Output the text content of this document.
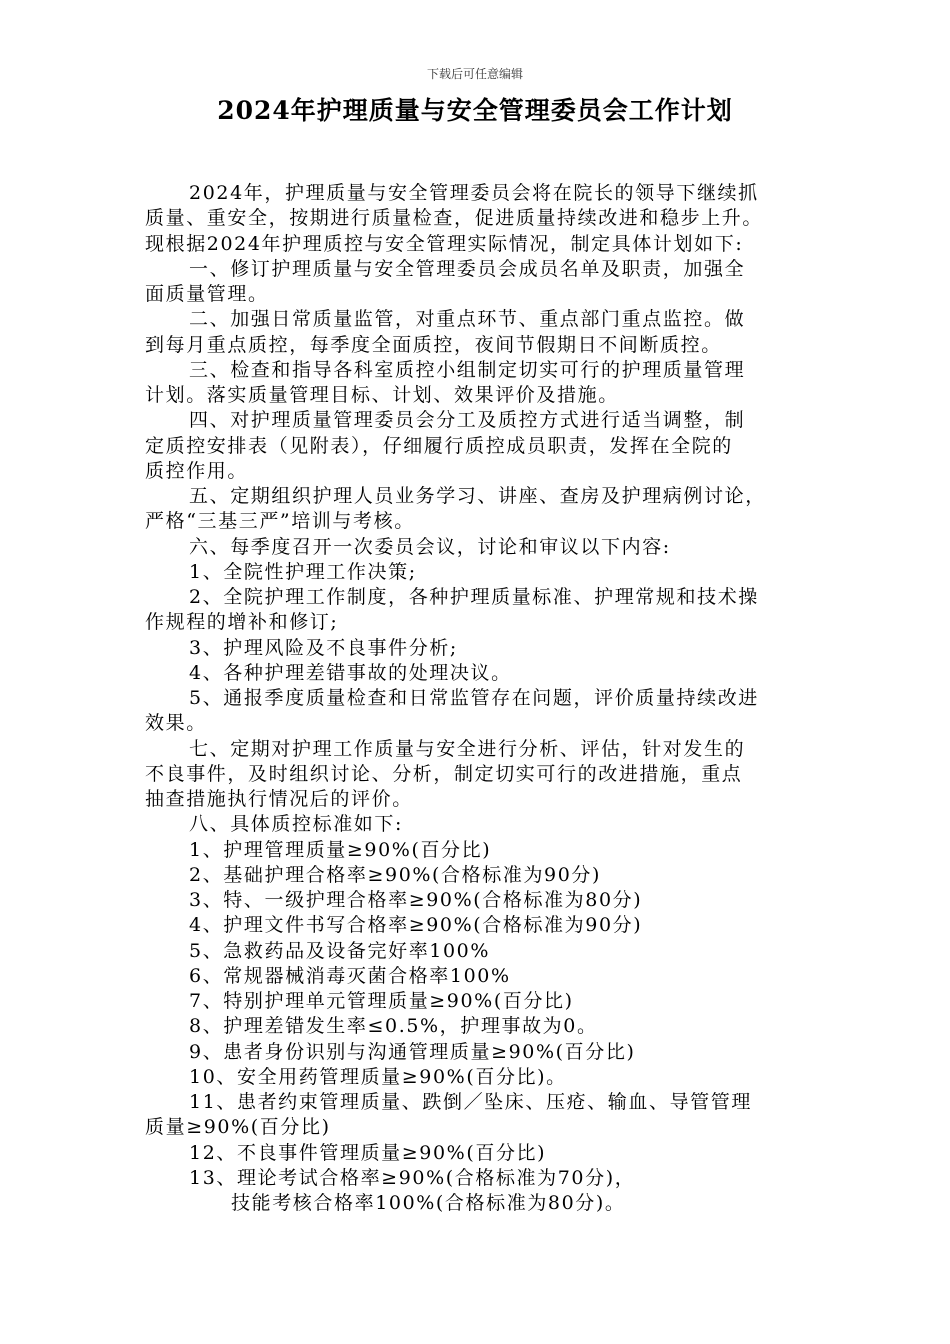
下载后可任意编辑
2024年护理质量与安全管理委员会工作计划
2024年，护理质量与安全管理委员会将在院长的领导下继续抓
质量、重安全，按期进行质量检查，促进质量持续改进和稳步上升。
现根据2024年护理质控与安全管理实际情况，制定具体计划如下:
一、修订护理质量与安全管理委员会成员名单及职责，加强全
面质量管理。
二、加强日常质量监管，对重点环节、重点部门重点监控。做
到每月重点质控，每季度全面质控，夜间节假期日不间断质控。
三、检查和指导各科室质控小组制定切实可行的护理质量管理
计划。落实质量管理目标、计划、效果评价及措施。
四、对护理质量管理委员会分工及质控方式进行适当调整，制
定质控安排表（见附表），仔细履行质控成员职责，发挥在全院的
质控作用。
五、定期组织护理人员业务学习、讲座、查房及护理病例讨论，
严格“三基三严”培训与考核。
六、每季度召开一次委员会议，讨论和审议以下内容:
1、全院性护理工作决策;
2、全院护理工作制度，各种护理质量标准、护理常规和技术操
作规程的增补和修订;
3、护理风险及不良事件分析;
4、各种护理差错事故的处理决议。
5、通报季度质量检查和日常监管存在问题，评价质量持续改进
效果。
七、定期对护理工作质量与安全进行分析、评估，针对发生的
不良事件，及时组织讨论、分析，制定切实可行的改进措施，重点
抽查措施执行情况后的评价。
八、具体质控标准如下:
1、护理管理质量≥90%(百分比)
2、基础护理合格率≥90%(合格标准为90分)
3、特、一级护理合格率≥90%(合格标准为80分)
4、护理文件书写合格率≥90%(合格标准为90分)
5、急救药品及设备完好率100%
6、常规器械消毒灭菌合格率100%
7、特别护理单元管理质量≥90%(百分比)
8、护理差错发生率≤0.5%，护理事故为0。
9、患者身份识别与沟通管理质量≥90%(百分比)
10、安全用药管理质量≥90%(百分比)。
11、患者约束管理质量、跌倒／坠床、压疮、输血、导管管理
质量≥90%(百分比)
12、不良事件管理质量≥90%(百分比)
13、理论考试合格率≥90%(合格标准为70分)，
技能考核合格率100%(合格标准为80分)。
